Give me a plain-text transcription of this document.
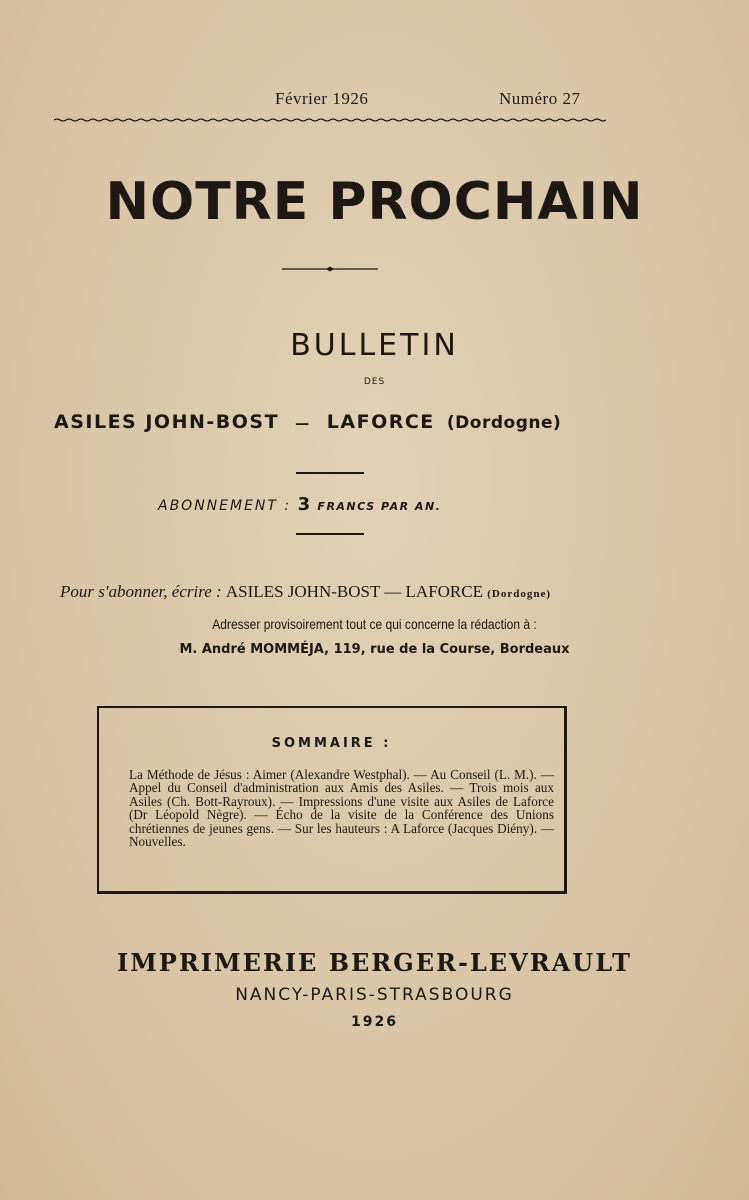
Février 1926	Numéro 27
NOTRE PROCHAIN
BULLETIN
DES
ASILES JOHN-BOST — LAFORCE (Dordogne)
ABONNEMENT : 3 FRANCS PAR AN.
Pour s'abonner, écrire : ASILES JOHN-BOST — LAFORCE (Dordogne)
Adresser provisoirement tout ce qui concerne la rédaction à :
M. André MOMMÉJA, 119, rue de la Course, Bordeaux
SOMMAIRE :
La Méthode de Jésus : Aimer (Alexandre Westphal). — Au Conseil (L. M.). — Appel du Conseil d'administration aux Amis des Asiles. — Trois mois aux Asiles (Ch. Bott-Rayroux). — Impressions d'une visite aux Asiles de Laforce (Dr Léopold Nègre). — Écho de la visite de la Conférence des Unions chrétiennes de jeunes gens. — Sur les hauteurs : A Laforce (Jacques Diény). — Nouvelles.
IMPRIMERIE BERGER-LEVRAULT
NANCY-PARIS-STRASBOURG
1926
